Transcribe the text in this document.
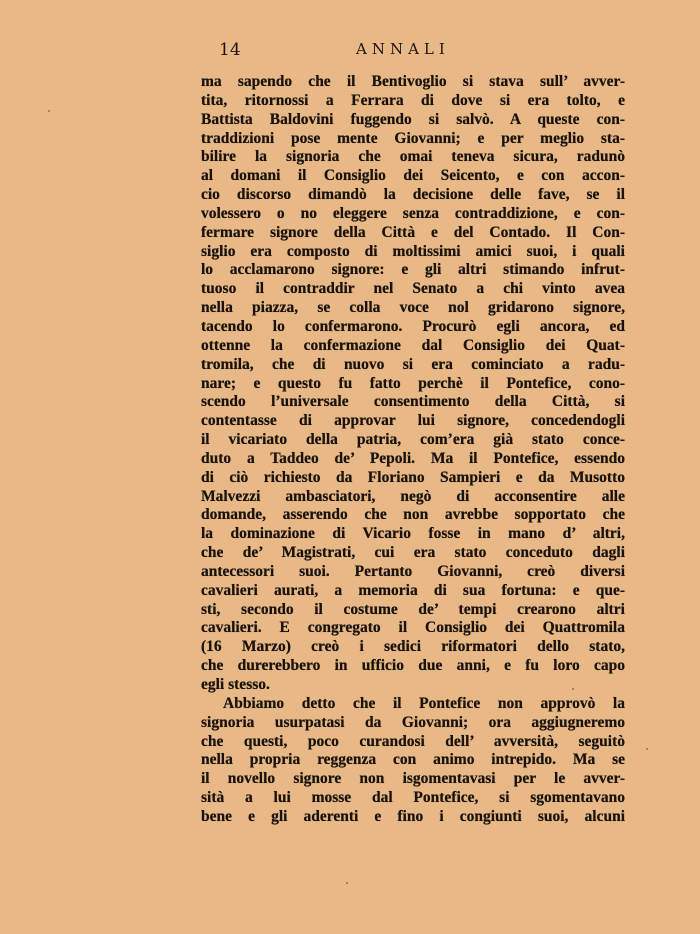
14	ANNALI
ma sapendo che il Bentivoglio si stava sull’ avver-
tita, ritornossi a Ferrara di dove si era tolto, e
Battista Baldovini fuggendo si salvò. A queste con-
traddizioni pose mente Giovanni; e per meglio sta-
bilire la signoria che omai teneva sicura, radunò
al domani il Consiglio dei Seicento, e con accon-
cio discorso dimandò la decisione delle fave, se il
volessero o no eleggere senza contraddizione, e con-
fermare signore della Città e del Contado. Il Con-
siglio era composto di moltissimi amici suoi, i quali
lo acclamarono signore: e gli altri stimando infrut-
tuoso il contraddir nel Senato a chi vinto avea
nella piazza, se colla voce nol gridarono signore,
tacendo lo confermarono. Procurò egli ancora, ed
ottenne la confermazione dal Consiglio dei Quat-
tromila, che di nuovo si era cominciato a radu-
nare; e questo fu fatto perchè il Pontefice, cono-
scendo l’universale consentimento della Città, si
contentasse di approvar lui signore, concedendogli
il vicariato della patria, com’era già stato conce-
duto a Taddeo de’ Pepoli. Ma il Pontefice, essendo
di ciò richiesto da Floriano Sampieri e da Musotto
Malvezzi ambasciatori, negò di acconsentire alle
domande, asserendo che non avrebbe sopportato che
la dominazione di Vicario fosse in mano d’ altri,
che de’ Magistrati, cui era stato conceduto dagli
antecessori suoi. Pertanto Giovanni, creò diversi
cavalieri aurati, a memoria di sua fortuna: e que-
sti, secondo il costume de’ tempi crearono altri
cavalieri. E congregato il Consiglio dei Quattromila
(16 Marzo) creò i sedici riformatori dello stato,
che durerebbero in ufficio due anni, e fu loro capo
egli stesso.
Abbiamo detto che il Pontefice non approvò la
signoria usurpatasi da Giovanni; ora aggiugneremo
che questi, poco curandosi dell’ avversità, seguitò
nella propria reggenza con animo intrepido. Ma se
il novello signore non isgomentavasi per le avver-
sità a lui mosse dal Pontefice, si sgomentavano
bene e gli aderenti e fino i congiunti suoi, alcuni
